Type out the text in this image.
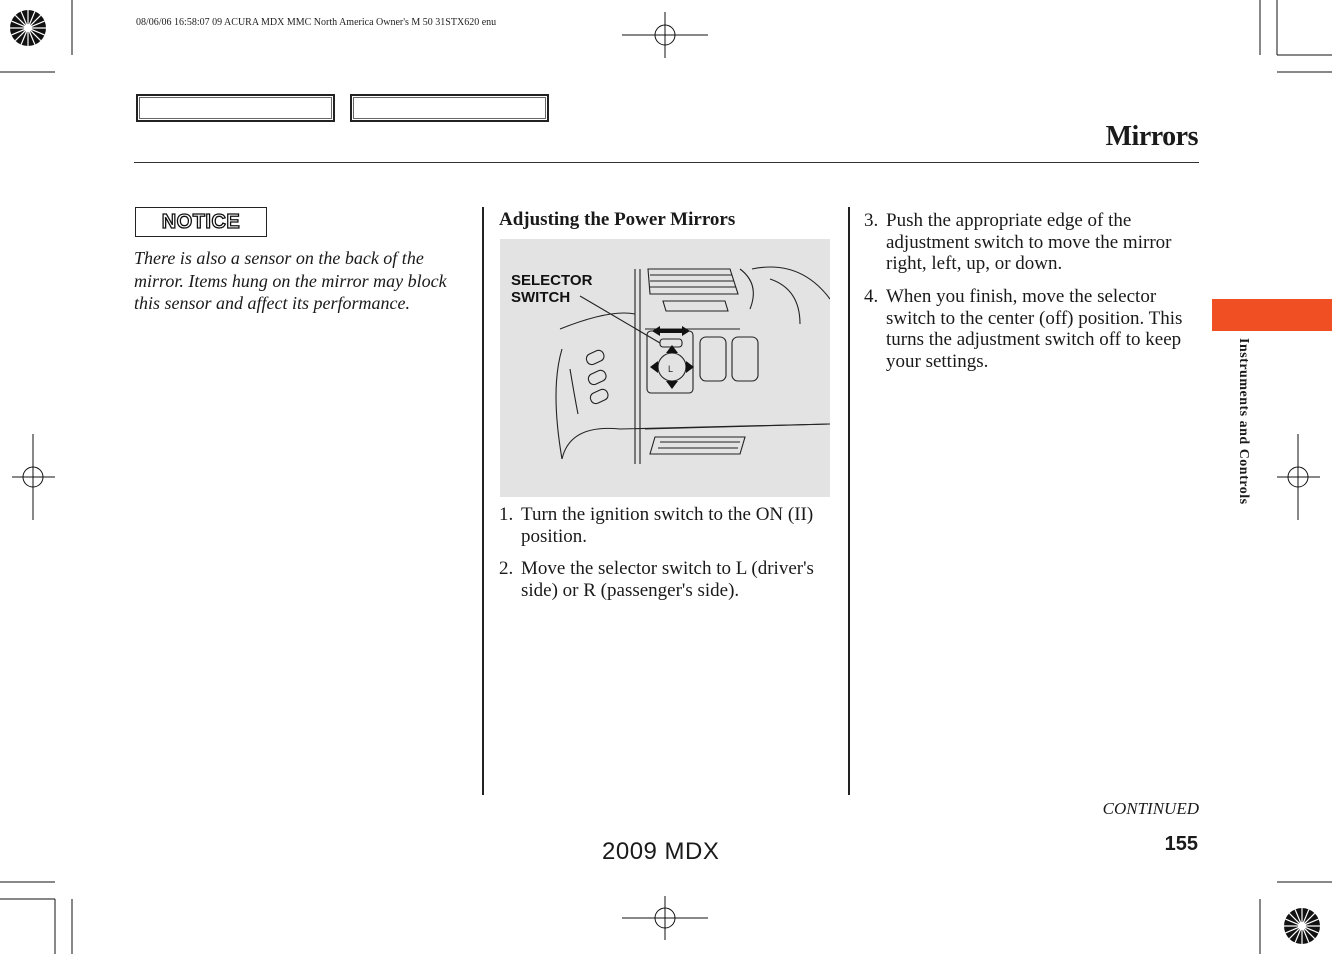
08/06/06 16:58:07 09 ACURA MDX MMC North America Owner's M 50 31STX620 enu
Mirrors
NOTICE
There is also a sensor on the back of the mirror. Items hung on the mirror may block this sensor and affect its performance.
Adjusting the Power Mirrors
L
SELECTOR
SWITCH
1. Turn the ignition switch to the ON (II) position.
2. Move the selector switch to L (driver's side) or R (passenger's side).
3. Push the appropriate edge of the adjustment switch to move the mirror right, left, up, or down.
4. When you finish, move the selector switch to the center (off) position. This turns the adjustment switch off to keep your settings.	Instruments and Controls
CONTINUED
155
2009 MDX
